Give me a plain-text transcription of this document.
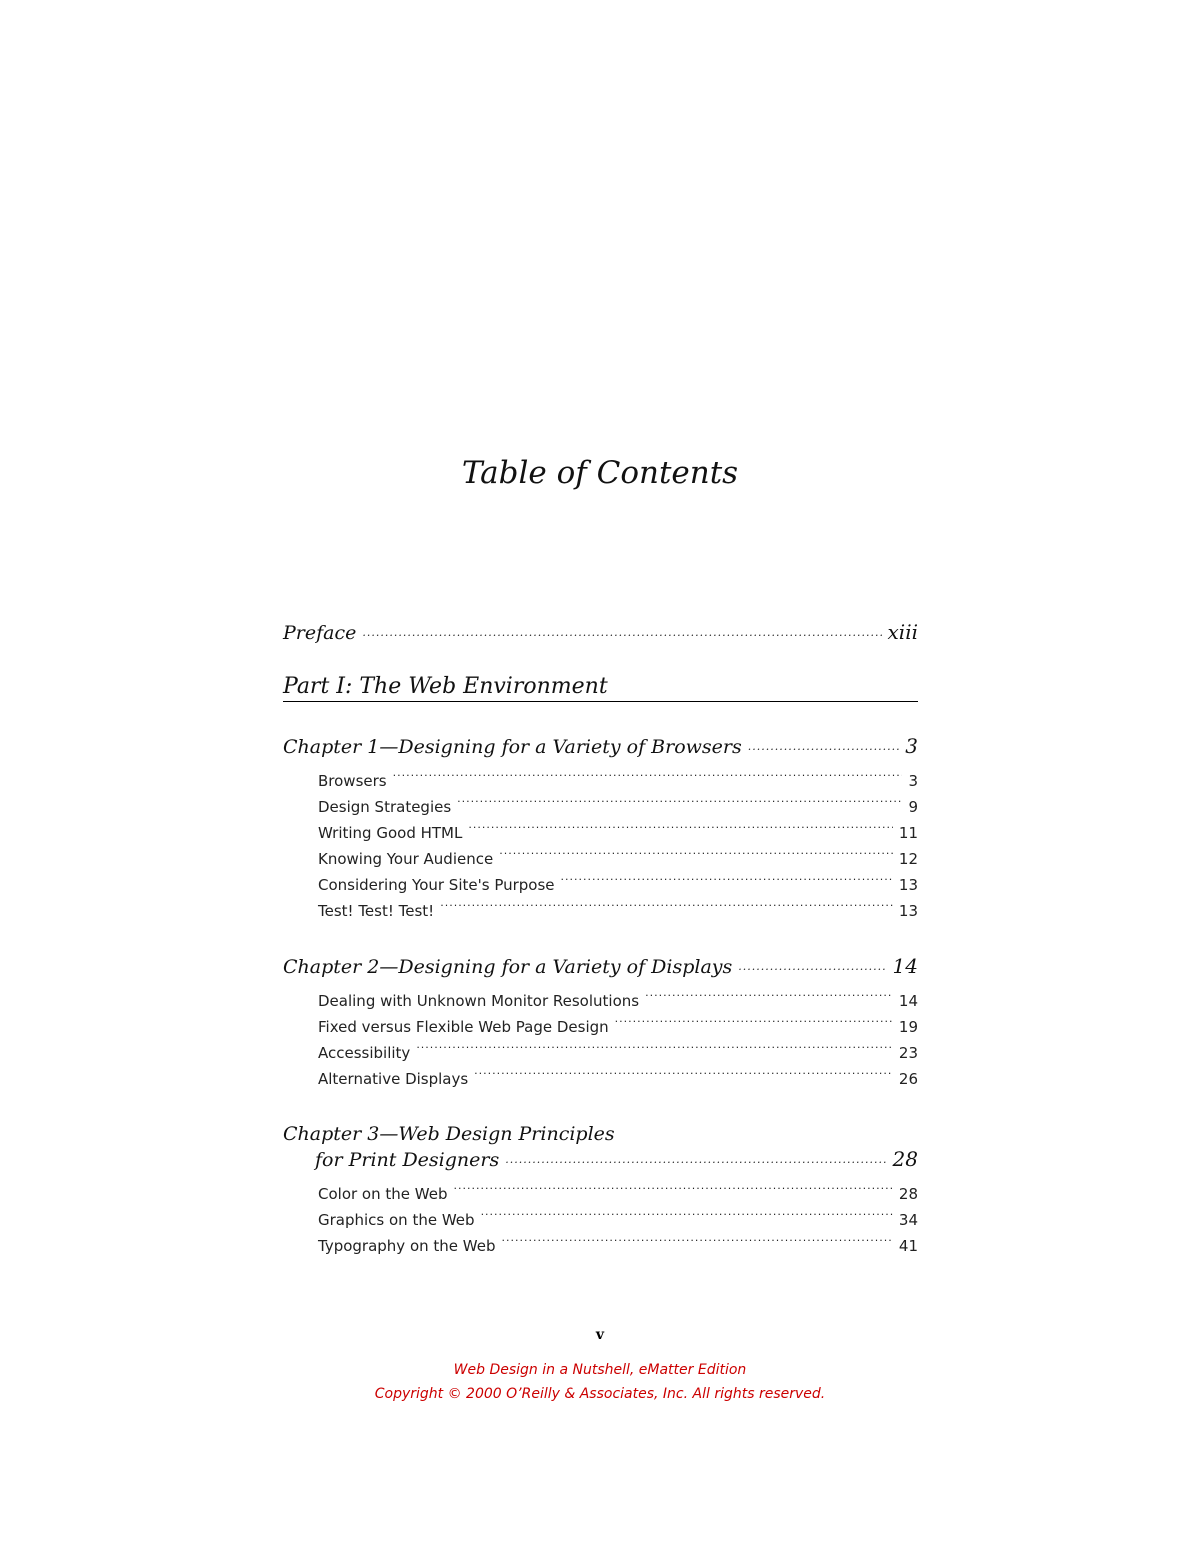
Table of Contents
Preface .....	xiii
Part I: The Web Environment
Chapter 1—Designing for a Variety of Browsers .....	3
Browsers .....	3
Design Strategies .....	9
Writing Good HTML .....	11
Knowing Your Audience .....	12
Considering Your Site's Purpose .....	13
Test! Test! Test! .....	13
Chapter 2—Designing for a Variety of Displays .....	14
Dealing with Unknown Monitor Resolutions .....	14
Fixed versus Flexible Web Page Design .....	19
Accessibility .....	23
Alternative Displays .....	26
Chapter 3—Web Design Principles
for Print Designers .....	28
Color on the Web .....	28
Graphics on the Web .....	34
Typography on the Web .....	41
v
Web Design in a Nutshell, eMatter Edition
Copyright © 2000 O’Reilly & Associates, Inc. All rights reserved.
